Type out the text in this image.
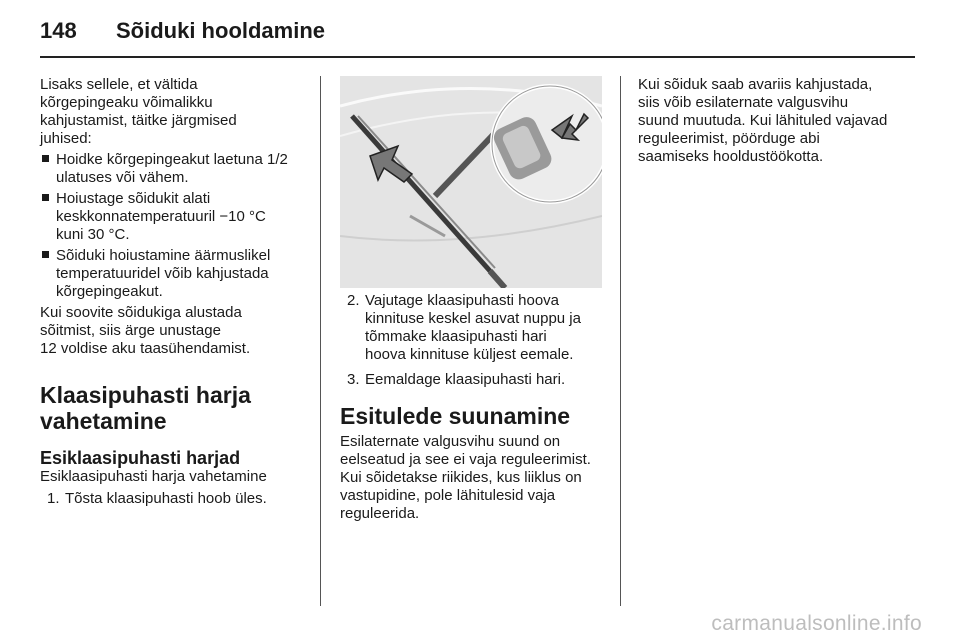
148 Sõiduki hooldamine

Lisaks sellele, et vältida
kõrgepingeaku võimalikku
kahjustamist, täitke järgmised
juhised:

Hoidke kõrgepingeakut laetuna 1/2
ulatuses või vähem.
Hoiustage sõidukit alati
keskkonnatemperatuuril −10 °C
kuni 30 °C.
Sõiduki hoiustamine äärmuslikel
temperatuuridel võib kahjustada
kõrgepingeakut.

Kui soovite sõidukiga alustada
sõitmist, siis ärge unustage
12 voldise aku taasühendamist.

Klaasipuhasti harja
vahetamine
Esiklaasipuhasti harjad

Esiklaasipuhasti harja vahetamine

1. Tõsta klaasipuhasti hoob üles.
2. Vajutage klaasipuhasti hoova
kinnituse keskel asuvat nuppu ja
tõmmake klaasipuhasti hari
hoova kinnituse küljest eemale.
3. Eemaldage klaasipuhasti hari.
Esitulede suunamine

Esilaternate valgusvihu suund on
eelseatud ja see ei vaja reguleerimist.
Kui sõidetakse riikides, kus liiklus on
vastupidine, pole lähitulesid vaja
reguleerida.

Kui sõiduk saab avariis kahjustada,
siis võib esilaternate valgusvihu
suund muutuda. Kui lähituled vajavad
reguleerimist, pöörduge abi
saamiseks hooldustöökotta.

carmanualsonline.info
